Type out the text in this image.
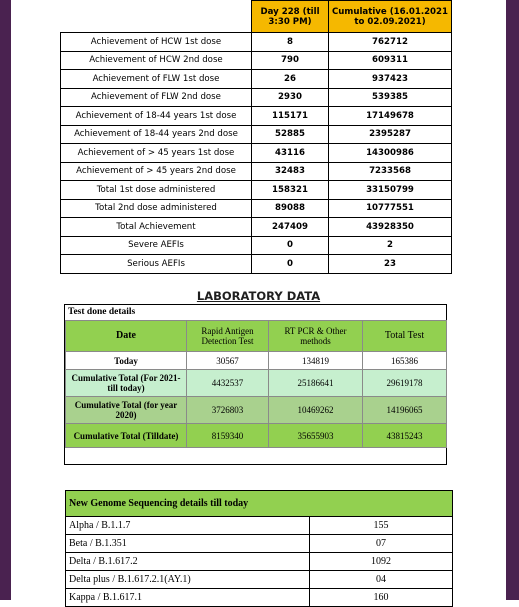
	Day 228 (till 3:30 PM)	Cumulative (16.01.2021 to 02.09.2021)
Achievement of HCW 1st dose	8	762712
Achievement of HCW 2nd dose	790	609311
Achievement of FLW 1st dose	26	937423
Achievement of FLW 2nd dose	2930	539385
Achievement of 18-44 years 1st dose	115171	17149678
Achievement of 18-44 years 2nd dose	52885	2395287
Achievement of > 45 years 1st dose	43116	14300986
Achievement of > 45 years 2nd dose	32483	7233568
Total 1st dose administered	158321	33150799
Total 2nd dose administered	89088	10777551
Total Achievement	247409	43928350
Severe AEFIs	0	2
Serious AEFIs	0	23
LABORATORY DATA
Test done details
Date	Rapid Antigen Detection Test	RT PCR & Other methods	Total Test
Today	30567	134819	165386
Cumulative Total (For 2021- till today)	4432537	25186641	29619178
Cumulative Total (for year 2020)	3726803	10469262	14196065
Cumulative Total (Tilldate)	8159340	35655903	43815243
New Genome Sequencing details till today	
Alpha / B.1.1.7	155
Beta / B.1.351	07
Delta / B.1.617.2	1092
Delta plus / B.1.617.2.1(AY.1)	04
Kappa / B.1.617.1	160
